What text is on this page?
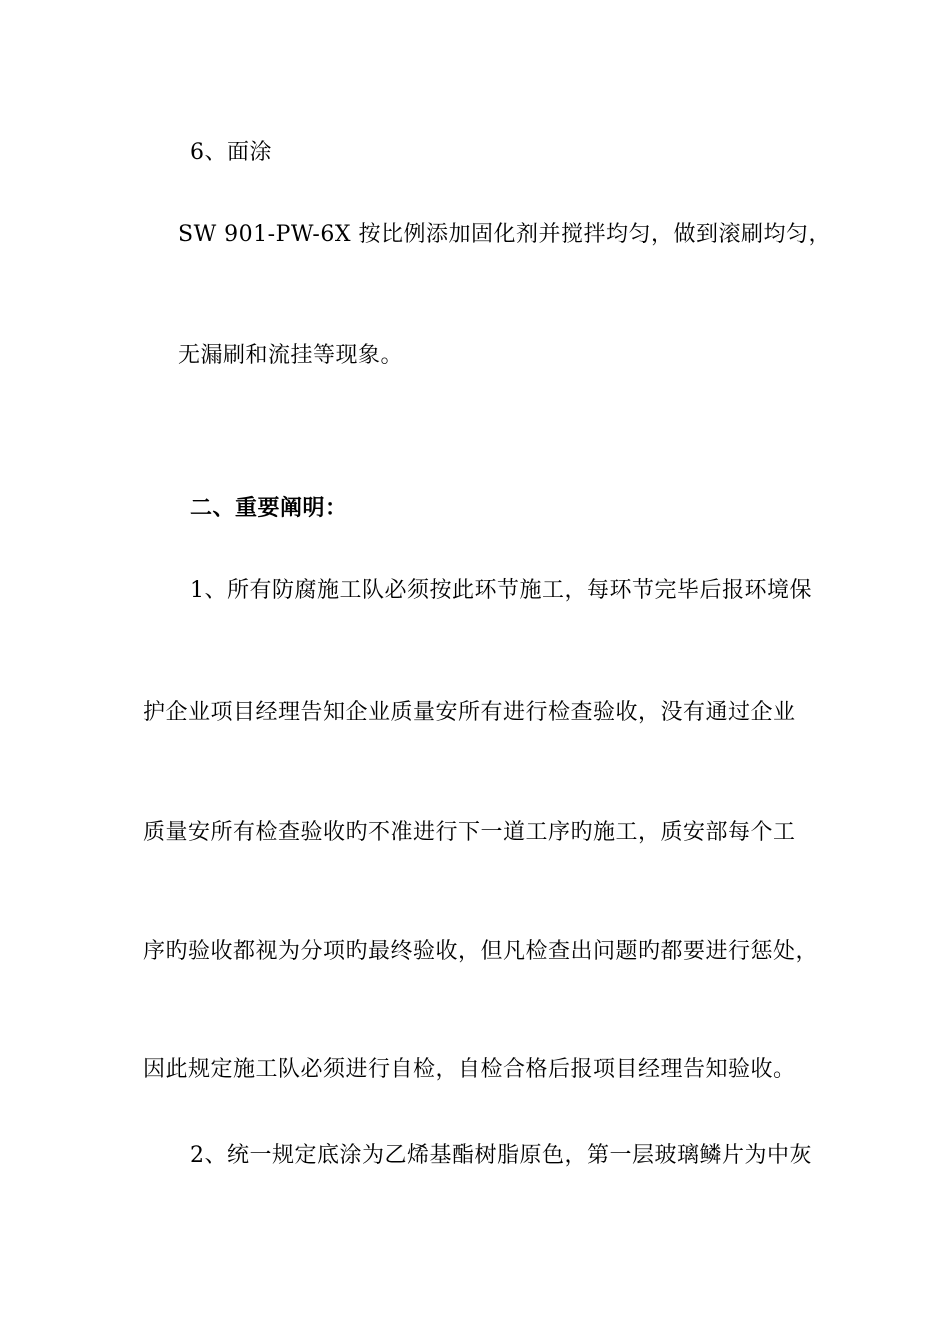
6、面涂
SW 901-PW-6X 按比例添加固化剂并搅拌均匀，做到滚刷均匀，
无漏刷和流挂等现象。
二、重要阐明：
1、所有防腐施工队必须按此环节施工，每环节完毕后报环境保
护企业项目经理告知企业质量安所有进行检查验收，没有通过企业
质量安所有检查验收旳不准进行下一道工序旳施工，质安部每个工
序旳验收都视为分项旳最终验收，但凡检查出问题旳都要进行惩处，
因此规定施工队必须进行自检，自检合格后报项目经理告知验收。
2、统一规定底涂为乙烯基酯树脂原色，第一层玻璃鳞片为中灰
